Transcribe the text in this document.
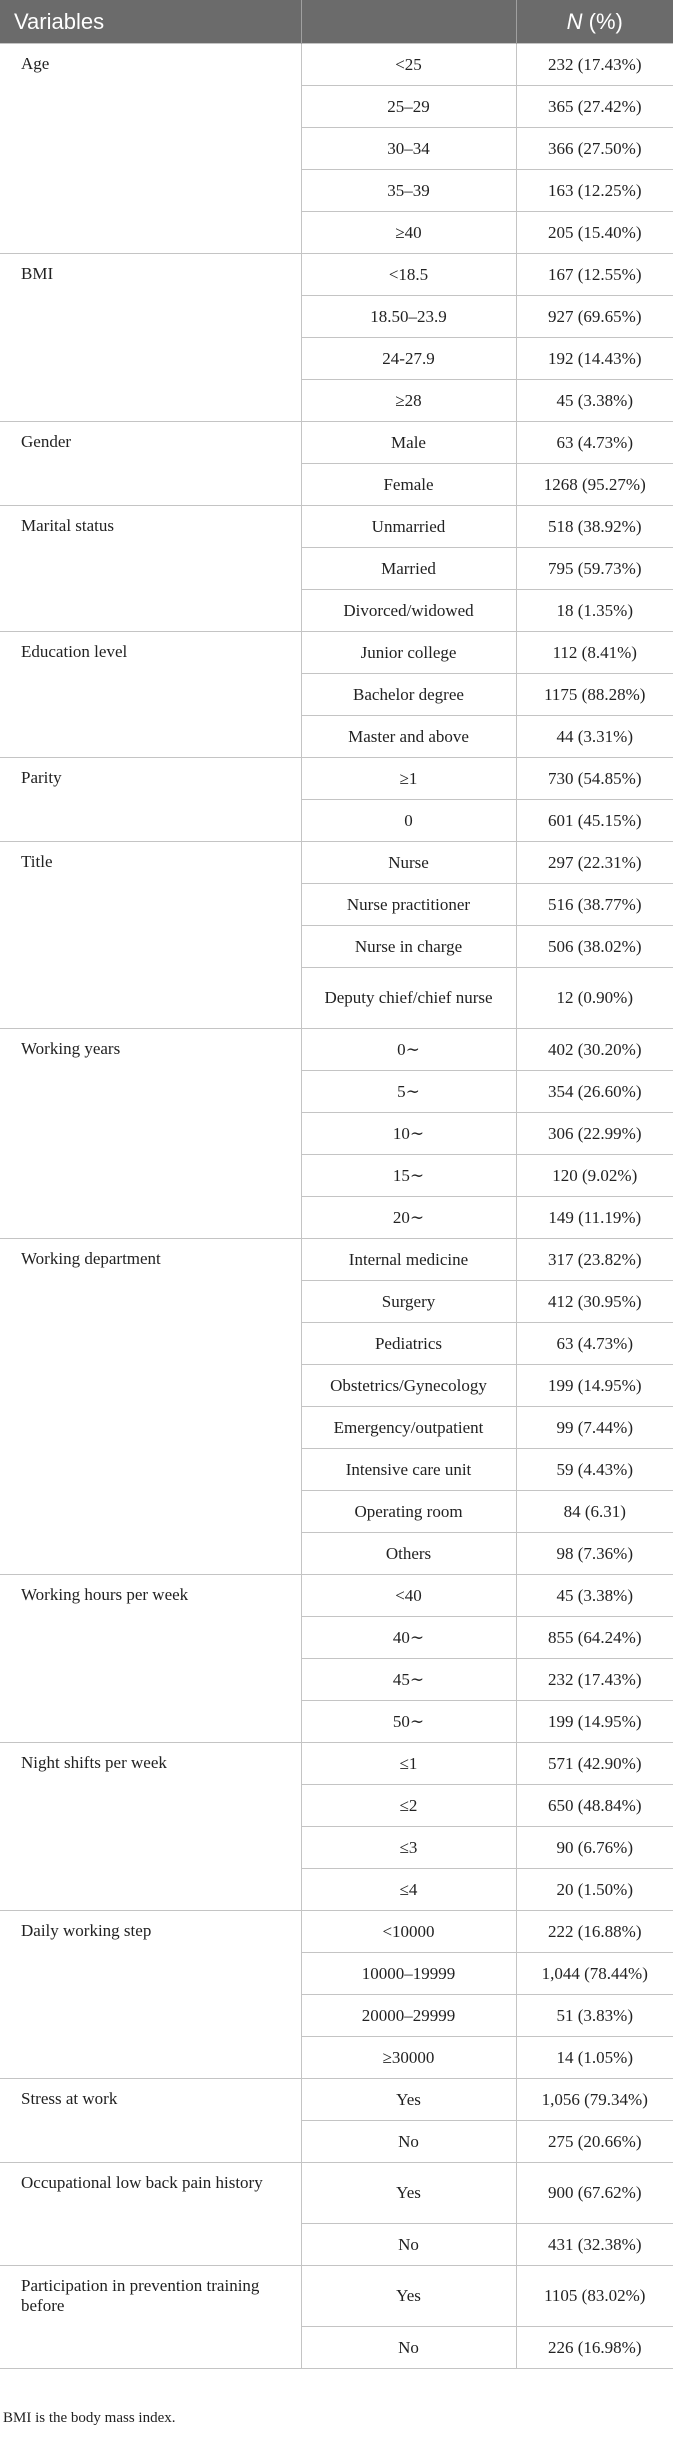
Variables		N (%)
Age	<25	232 (17.43%)
	25–29	365 (27.42%)
	30–34	366 (27.50%)
	35–39	163 (12.25%)
	≥40	205 (15.40%)
BMI	<18.5	167 (12.55%)
	18.50–23.9	927 (69.65%)
	24-27.9	192 (14.43%)
	≥28	45 (3.38%)
Gender	Male	63 (4.73%)
	Female	1268 (95.27%)
Marital status	Unmarried	518 (38.92%)
	Married	795 (59.73%)
	Divorced/widowed	18 (1.35%)
Education level	Junior college	112 (8.41%)
	Bachelor degree	1175 (88.28%)
	Master and above	44 (3.31%)
Parity	≥1	730 (54.85%)
	0	601 (45.15%)
Title	Nurse	297 (22.31%)
	Nurse practitioner	516 (38.77%)
	Nurse in charge	506 (38.02%)
	Deputy chief/chief nurse	12 (0.90%)
Working years	0∼	402 (30.20%)
	5∼	354 (26.60%)
	10∼	306 (22.99%)
	15∼	120 (9.02%)
	20∼	149 (11.19%)
Working department	Internal medicine	317 (23.82%)
	Surgery	412 (30.95%)
	Pediatrics	63 (4.73%)
	Obstetrics/Gynecology	199 (14.95%)
	Emergency/outpatient	99 (7.44%)
	Intensive care unit	59 (4.43%)
	Operating room	84 (6.31)
	Others	98 (7.36%)
Working hours per week	<40	45 (3.38%)
	40∼	855 (64.24%)
	45∼	232 (17.43%)
	50∼	199 (14.95%)
Night shifts per week	≤1	571 (42.90%)
	≤2	650 (48.84%)
	≤3	90 (6.76%)
	≤4	20 (1.50%)
Daily working step	<10000	222 (16.88%)
	10000–19999	1,044 (78.44%)
	20000–29999	51 (3.83%)
	≥30000	14 (1.05%)
Stress at work	Yes	1,056 (79.34%)
	No	275 (20.66%)
Occupational low back pain history	Yes	900 (67.62%)
	No	431 (32.38%)
Participation in prevention training before	Yes	1105 (83.02%)
	No	226 (16.98%)
BMI is the body mass index.
